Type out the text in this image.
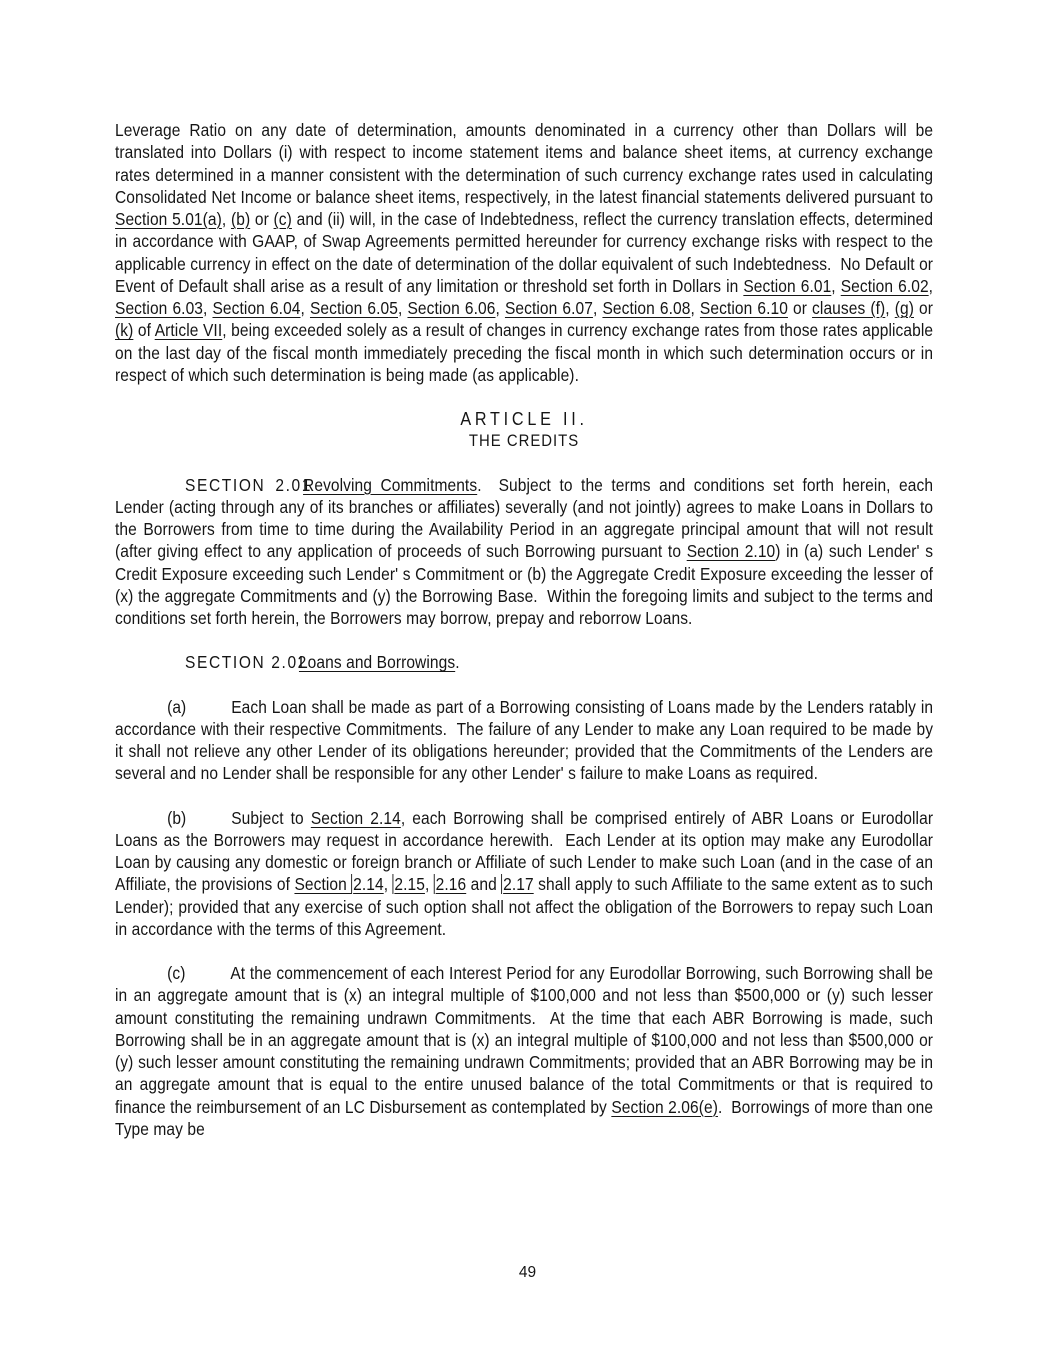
Leverage Ratio on any date of determination, amounts denominated in a currency other than Dollars will be translated into Dollars (i) with respect to income statement items and balance sheet items, at currency exchange rates determined in a manner consistent with the determination of such currency exchange rates used in calculating Consolidated Net Income or balance sheet items, respectively, in the latest financial statements delivered pursuant to Section 5.01(a), (b) or (c) and (ii) will, in the case of Indebtedness, reflect the currency translation effects, determined in accordance with GAAP, of Swap Agreements permitted hereunder for currency exchange risks with respect to the applicable currency in effect on the date of determination of the dollar equivalent of such Indebtedness.  No Default or Event of Default shall arise as a result of any limitation or threshold set forth in Dollars in Section 6.01, Section 6.02, Section 6.03, Section 6.04, Section 6.05, Section 6.06, Section 6.07, Section 6.08, Section 6.10 or clauses (f), (g) or (k) of Article VII, being exceeded solely as a result of changes in currency exchange rates from those rates applicable on the last day of the fiscal month immediately preceding the fiscal month in which such determination occurs or in respect of which such determination is being made (as applicable).

ARTICLE II.
THE CREDITS

SECTION 2.01Revolving Commitments.  Subject to the terms and conditions set forth herein, each Lender (acting through any of its branches or affiliates) severally (and not jointly) agrees to make Loans in Dollars to the Borrowers from time to time during the Availability Period in an aggregate principal amount that will not result (after giving effect to any application of proceeds of such Borrowing pursuant to Section 2.10) in (a) such Lender' s Credit Exposure exceeding such Lender' s Commitment or (b) the Aggregate Credit Exposure exceeding the lesser of (x) the aggregate Commitments and (y) the Borrowing Base.  Within the foregoing limits and subject to the terms and conditions set forth herein, the Borrowers may borrow, prepay and reborrow Loans.

SECTION 2.02Loans and Borrowings.

(a)	Each Loan shall be made as part of a Borrowing consisting of Loans made by the Lenders ratably in accordance with their respective Commitments.  The failure of any Lender to make any Loan required to be made by it shall not relieve any other Lender of its obligations hereunder; provided that the Commitments of the Lenders are several and no Lender shall be responsible for any other Lender' s failure to make Loans as required.

(b)	Subject to Section 2.14, each Borrowing shall be comprised entirely of ABR Loans or Eurodollar Loans as the Borrowers may request in accordance herewith.  Each Lender at its option may make any Eurodollar Loan by causing any domestic or foreign branch or Affiliate of such Lender to make such Loan (and in the case of an Affiliate, the provisions of Section 2.14, 2.15, 2.16 and 2.17 shall apply to such Affiliate to the same extent as to such Lender); provided that any exercise of such option shall not affect the obligation of the Borrowers to repay such Loan in accordance with the terms of this Agreement.

(c)	At the commencement of each Interest Period for any Eurodollar Borrowing, such Borrowing shall be in an aggregate amount that is (x) an integral multiple of $100,000 and not less than $500,000 or (y) such lesser amount constituting the remaining undrawn Commitments.  At the time that each ABR Borrowing is made, such Borrowing shall be in an aggregate amount that is (x) an integral multiple of $100,000 and not less than $500,000 or (y) such lesser amount constituting the remaining undrawn Commitments; provided that an ABR Borrowing may be in an aggregate amount that is equal to the entire unused balance of the total Commitments or that is required to finance the reimbursement of an LC Disbursement as contemplated by Section 2.06(e).  Borrowings of more than one Type may be

49
